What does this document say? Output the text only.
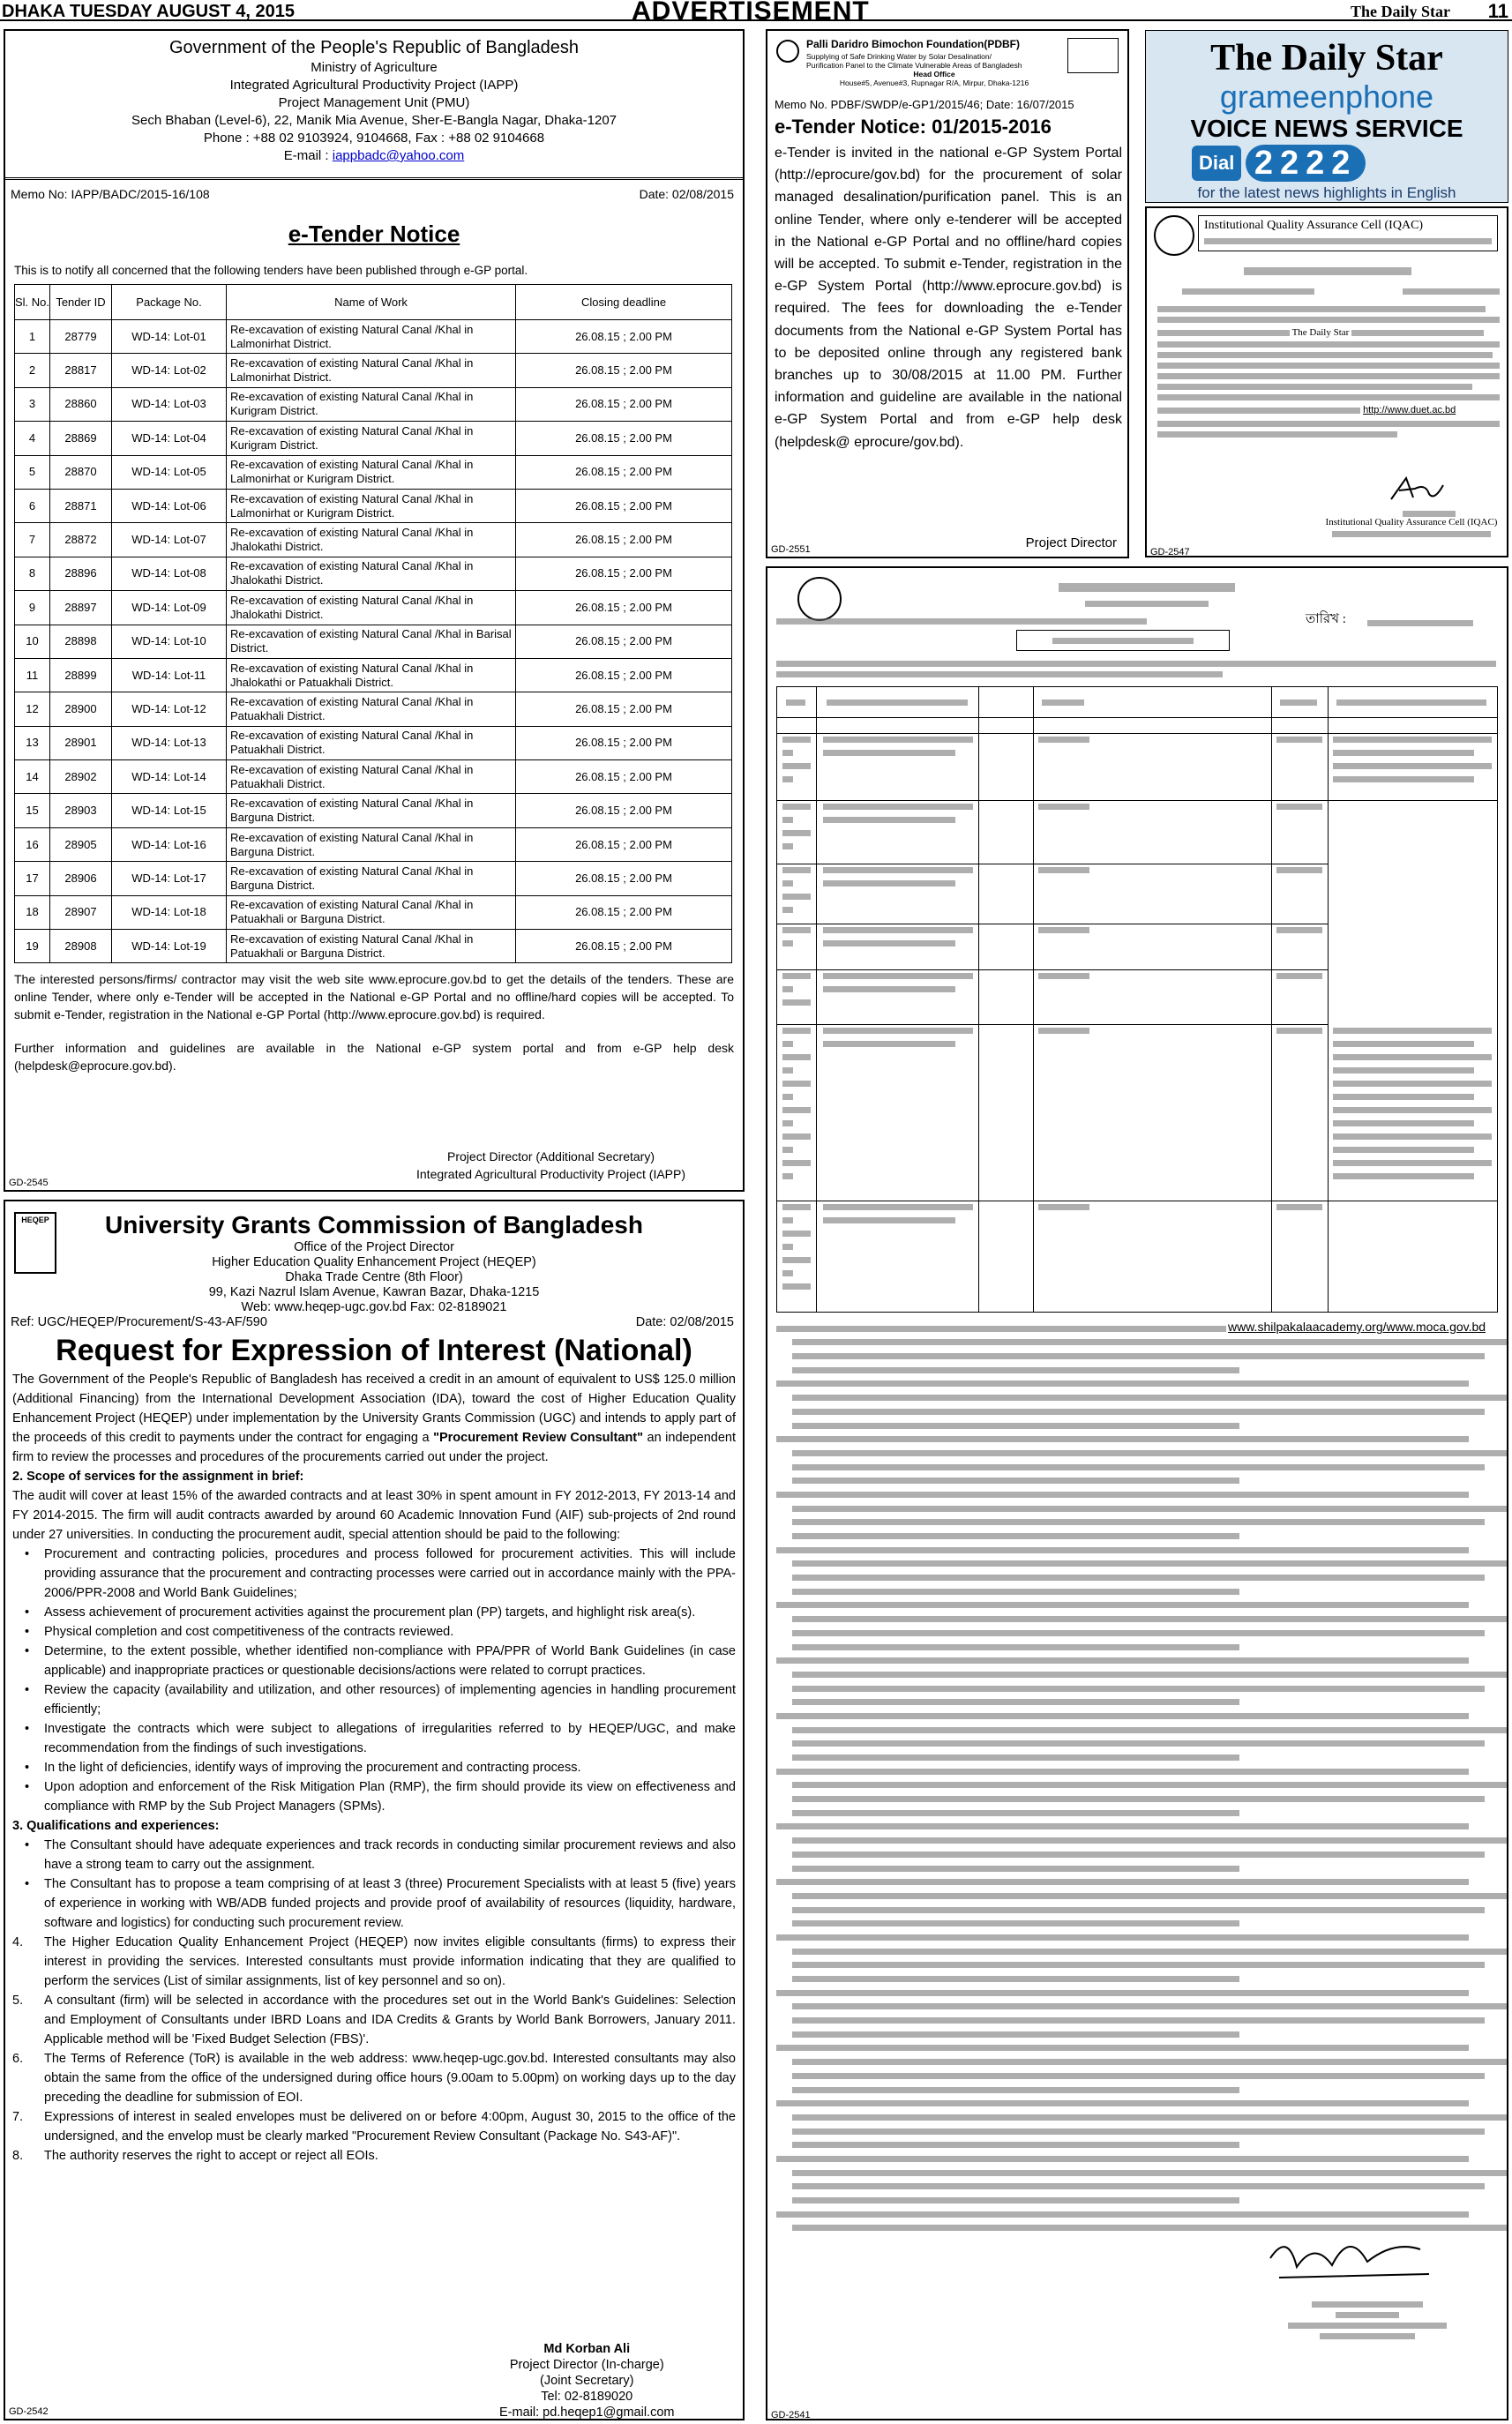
DHAKA TUESDAY AUGUST 4, 2015	ADVERTISEMENT	The Daily Star 11
Government of the People's Republic of Bangladesh
Ministry of Agriculture
Integrated Agricultural Productivity Project (IAPP)
Project Management Unit (PMU)
Sech Bhaban (Level-6), 22, Manik Mia Avenue, Sher-E-Bangla Nagar, Dhaka-1207
Phone : +88 02 9103924, 9104668, Fax : +88 02 9104668
E-mail : iappbadc@yahoo.com
Memo No: IAPP/BADC/2015-16/108	Date: 02/08/2015
e-Tender Notice
This is to notify all concerned that the following tenders have been published through e-GP portal.
Sl. No.	Tender ID	Package No.	Name of Work	Closing deadline
1	28779	WD-14: Lot-01	Re-excavation of existing Natural Canal /Khal in Lalmonirhat District.	26.08.15 ; 2.00 PM
2	28817	WD-14: Lot-02	Re-excavation of existing Natural Canal /Khal in Lalmonirhat District.	26.08.15 ; 2.00 PM
3	28860	WD-14: Lot-03	Re-excavation of existing Natural Canal /Khal in Kurigram District.	26.08.15 ; 2.00 PM
4	28869	WD-14: Lot-04	Re-excavation of existing Natural Canal /Khal in Kurigram District.	26.08.15 ; 2.00 PM
5	28870	WD-14: Lot-05	Re-excavation of existing Natural Canal /Khal in Lalmonirhat or Kurigram District.	26.08.15 ; 2.00 PM
6	28871	WD-14: Lot-06	Re-excavation of existing Natural Canal /Khal in Lalmonirhat or Kurigram District.	26.08.15 ; 2.00 PM
7	28872	WD-14: Lot-07	Re-excavation of existing Natural Canal /Khal in Jhalokathi District.	26.08.15 ; 2.00 PM
8	28896	WD-14: Lot-08	Re-excavation of existing Natural Canal /Khal in Jhalokathi District.	26.08.15 ; 2.00 PM
9	28897	WD-14: Lot-09	Re-excavation of existing Natural Canal /Khal in Jhalokathi District.	26.08.15 ; 2.00 PM
10	28898	WD-14: Lot-10	Re-excavation of existing Natural Canal /Khal in Barisal District.	26.08.15 ; 2.00 PM
11	28899	WD-14: Lot-11	Re-excavation of existing Natural Canal /Khal in Jhalokathi or Patuakhali District.	26.08.15 ; 2.00 PM
12	28900	WD-14: Lot-12	Re-excavation of existing Natural Canal /Khal in Patuakhali District.	26.08.15 ; 2.00 PM
13	28901	WD-14: Lot-13	Re-excavation of existing Natural Canal /Khal in Patuakhali District.	26.08.15 ; 2.00 PM
14	28902	WD-14: Lot-14	Re-excavation of existing Natural Canal /Khal in Patuakhali District.	26.08.15 ; 2.00 PM
15	28903	WD-14: Lot-15	Re-excavation of existing Natural Canal /Khal in Barguna District.	26.08.15 ; 2.00 PM
16	28905	WD-14: Lot-16	Re-excavation of existing Natural Canal /Khal in Barguna District.	26.08.15 ; 2.00 PM
17	28906	WD-14: Lot-17	Re-excavation of existing Natural Canal /Khal in Barguna District.	26.08.15 ; 2.00 PM
18	28907	WD-14: Lot-18	Re-excavation of existing Natural Canal /Khal in Patuakhali or Barguna District.	26.08.15 ; 2.00 PM
19	28908	WD-14: Lot-19	Re-excavation of existing Natural Canal /Khal in Patuakhali or Barguna District.	26.08.15 ; 2.00 PM

The interested persons/firms/ contractor may visit the web site www.eprocure.gov.bd to get the details of the tenders. These are online Tender, where only e-Tender will be accepted in the National e-GP Portal and no offline/hard copies will be accepted. To submit e-Tender, registration in the National e-GP Portal (http://www.eprocure.gov.bd) is required.

Further information and guidelines are available in the National e-GP system portal and from e-GP help desk (helpdesk@eprocure.gov.bd).

Project Director (Additional Secretary)
Integrated Agricultural Productivity Project (IAPP)
GD-2545
Palli Daridro Bimochon Foundation(PDBF)
Supplying of Safe Drinking Water by Solar Desalination/
Purification Panel to the Climate Vulnerable Areas of Bangladesh
Head Office
House#5, Avenue#3, Rupnagar R/A, Mirpur, Dhaka-1216
Memo No. PDBF/SWDP/e-GP1/2015/46; Date: 16/07/2015
e-Tender Notice: 01/2015-2016

e-Tender is invited in the national e-GP System Portal (http://eprocure/gov.bd) for the procurement of solar managed desalination/purification panel. This is an online Tender, where only e-tenderer will be accepted in the National e-GP Portal and no offline/hard copies will be accepted. To submit e-Tender, registration in the e-GP System Portal (http://www.eprocure.gov.bd) is required. The fees for downloading the e-Tender documents from the National e-GP System Portal has to be deposited online through any registered bank branches up to 30/08/2015 at 11.00 PM. Further information and guideline are available in the national e-GP System Portal and from e-GP help desk (helpdesk@ eprocure/gov.bd).

Project Director
GD-2551
The Daily Star
grameenphone
VOICE NEWS SERVICE
Dial 2222
for the latest news highlights in English
Institutional Quality Assurance Cell (IQAC)
The Daily Star
http://www.duet.ac.bd
Institutional Quality Assurance Cell (IQAC)
GD-2547
তারিখ :
www.shilpakalaacademy.org/www.moca.gov.bd
GD-2541
HEQEP	University Grants Commission of Bangladesh
Office of the Project Director
Higher Education Quality Enhancement Project (HEQEP)
Dhaka Trade Centre (8th Floor)
99, Kazi Nazrul Islam Avenue, Kawran Bazar, Dhaka-1215
Web: www.heqep-ugc.gov.bd Fax: 02-8189021
Ref: UGC/HEQEP/Procurement/S-43-AF/590	Date: 02/08/2015
Request for Expression of Interest (National)
The Government of the People's Republic of Bangladesh has received a credit in an amount of equivalent to US$ 125.0 million (Additional Financing) from the International Development Association (IDA), toward the cost of Higher Education Quality Enhancement Project (HEQEP) under implementation by the University Grants Commission (UGC) and intends to apply part of the proceeds of this credit to payments under the contract for engaging a "Procurement Review Consultant" an independent firm to review the processes and procedures of the procurements carried out under the project.
2. Scope of services for the assignment in brief:
The audit will cover at least 15% of the awarded contracts and at least 30% in spent amount in FY 2012-2013, FY 2013-14 and FY 2014-2015. The firm will audit contracts awarded by around 60 Academic Innovation Fund (AIF) sub-projects of 2nd round under 27 universities. In conducting the procurement audit, special attention should be paid to the following:
• Procurement and contracting policies, procedures and process followed for procurement activities. This will include providing assurance that the procurement and contracting processes were carried out in accordance mainly with the PPA-2006/PPR-2008 and World Bank Guidelines;
• Assess achievement of procurement activities against the procurement plan (PP) targets, and highlight risk area(s).
• Physical completion and cost competitiveness of the contracts reviewed.
• Determine, to the extent possible, whether identified non-compliance with PPA/PPR of World Bank Guidelines (in case applicable) and inappropriate practices or questionable decisions/actions were related to corrupt practices.
• Review the capacity (availability and utilization, and other resources) of implementing agencies in handling procurement efficiently;
• Investigate the contracts which were subject to allegations of irregularities referred to by HEQEP/UGC, and make recommendation from the findings of such investigations.
• In the light of deficiencies, identify ways of improving the procurement and contracting process.
• Upon adoption and enforcement of the Risk Mitigation Plan (RMP), the firm should provide its view on effectiveness and compliance with RMP by the Sub Project Managers (SPMs).
3. Qualifications and experiences:
• The Consultant should have adequate experiences and track records in conducting similar procurement reviews and also have a strong team to carry out the assignment.
• The Consultant has to propose a team comprising of at least 3 (three) Procurement Specialists with at least 5 (five) years of experience in working with WB/ADB funded projects and provide proof of availability of resources (liquidity, hardware, software and logistics) for conducting such procurement review.
4.	The Higher Education Quality Enhancement Project (HEQEP) now invites eligible consultants (firms) to express their interest in providing the services. Interested consultants must provide information indicating that they are qualified to perform the services (List of similar assignments, list of key personnel and so on).
5.	A consultant (firm) will be selected in accordance with the procedures set out in the World Bank's Guidelines: Selection and Employment of Consultants under IBRD Loans and IDA Credits & Grants by World Bank Borrowers, January 2011. Applicable method will be 'Fixed Budget Selection (FBS)'.
6.	The Terms of Reference (ToR) is available in the web address: www.heqep-ugc.gov.bd. Interested consultants may also obtain the same from the office of the undersigned during office hours (9.00am to 5.00pm) on working days up to the day preceding the deadline for submission of EOI.
7.	Expressions of interest in sealed envelopes must be delivered on or before 4:00pm, August 30, 2015 to the office of the undersigned, and the envelop must be clearly marked "Procurement Review Consultant (Package No. S43-AF)".
8.	The authority reserves the right to accept or reject all EOIs.
Md Korban Ali
Project Director (In-charge)
(Joint Secretary)
Tel: 02-8189020
E-mail: pd.heqep1@gmail.com
GD-2542
